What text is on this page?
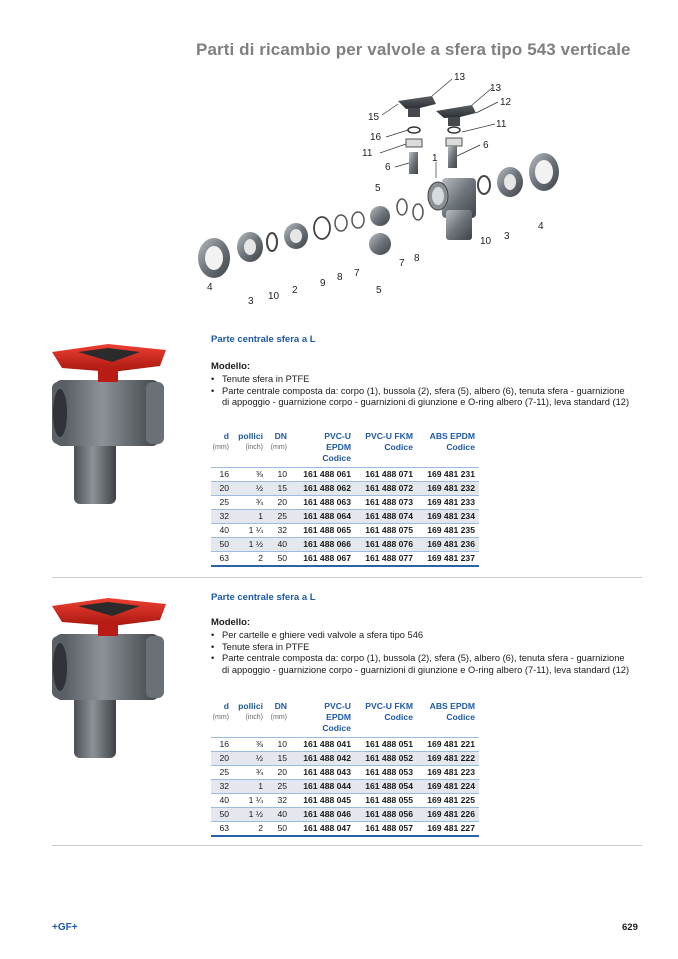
Parti di ricambio per valvole a sfera tipo 543 verticale
13
13
15
12
16
11
11
6
1
6
5
4
3
10
5
7 8
9
8 7
2
10
3
4
Parte centrale sfera a L
Modello:
• Tenute sfera in PTFE
• Parte centrale composta da: corpo (1), bussola (2), sfera (5), albero (6), tenuta sfera - guarnizione di appoggio - guarnizione corpo - guarnizioni di giunzione e O-ring albero (7-11), leva standard (12)
d
(mm)	pollici
(inch)	DN
(mm)	PVC-U EPDM Codice	PVC-U FKM Codice	ABS EPDM Codice
16	⅜	10	161 488 061	161 488 071	169 481 231
20	½	15	161 488 062	161 488 072	169 481 232
25	¾	20	161 488 063	161 488 073	169 481 233
32	1	25	161 488 064	161 488 074	169 481 234
40	1 ¼	32	161 488 065	161 488 075	169 481 235
50	1 ½	40	161 488 066	161 488 076	169 481 236
63	2	50	161 488 067	161 488 077	169 481 237
Parte centrale sfera a L
Modello:
• Per cartelle e ghiere vedi valvole a sfera tipo 546
• Tenute sfera in PTFE
• Parte centrale composta da: corpo (1), bussola (2), sfera (5), albero (6), tenuta sfera - guarnizione di appoggio - guarnizione corpo - guarnizioni di giunzione e O-ring albero (7-11), leva standard (12)
d
(mm)	pollici
(inch)	DN
(mm)	PVC-U EPDM Codice	PVC-U FKM Codice	ABS EPDM Codice
16	⅜	10	161 488 041	161 488 051	169 481 221
20	½	15	161 488 042	161 488 052	169 481 222
25	¾	20	161 488 043	161 488 053	169 481 223
32	1	25	161 488 044	161 488 054	169 481 224
40	1 ¼	32	161 488 045	161 488 055	169 481 225
50	1 ½	40	161 488 046	161 488 056	169 481 226
63	2	50	161 488 047	161 488 057	169 481 227
+GF+	629
